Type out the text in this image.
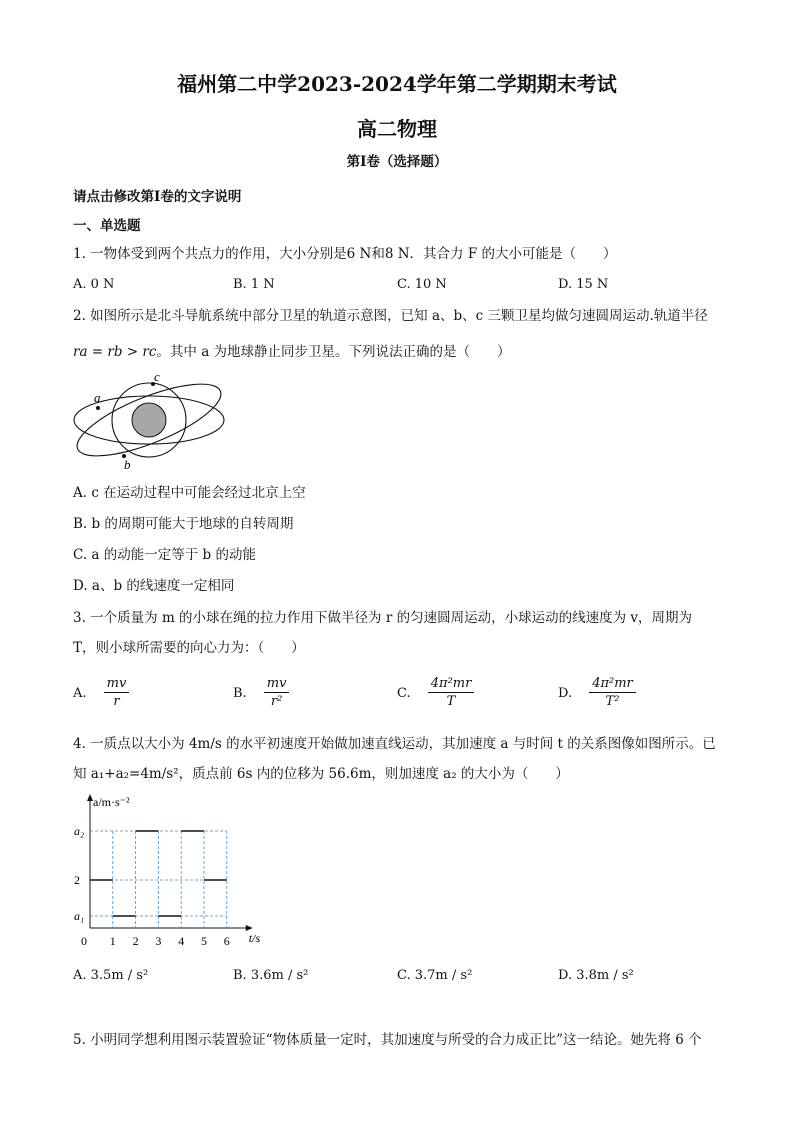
福州第二中学2023-2024学年第二学期期末考试
高二物理
第I卷（选择题）
请点击修改第I卷的文字说明
一、单选题
1. 一物体受到两个共点力的作用，大小分别是6 N和8 N．其合力 F 的大小可能是（　　）
A. 0 N	B. 1 N	C. 10 N	D. 15 N
2. 如图所示是北斗导航系统中部分卫星的轨道示意图，已知 a、b、c 三颗卫星均做匀速圆周运动.轨道半径
ra = rb > rc。其中 a 为地球静止同步卫星。下列说法正确的是（　　）
a
c
b
A. c 在运动过程中可能会经过北京上空
B. b 的周期可能大于地球的自转周期
C. a 的动能一定等于 b 的动能
D. a、b 的线速度一定相同
3. 一个质量为 m 的小球在绳的拉力作用下做半径为 r 的匀速圆周运动，小球运动的线速度为 v，周期为
T，则小球所需要的向心力为：（　　）
A. $\frac{mv}{r}$	B. $\frac{mv}{\text{r²}}$	C. $\frac{\text{4π²mr}}{T}$	D. $\frac{\text{4π²mr}}{\text{T²}}$
4. 一质点以大小为 4m/s 的水平初速度开始做加速直线运动，其加速度 a 与时间 t 的关系图像如图所示。已
知 a₁+a₂=4m/s²，质点前 6s 内的位移为 56.6m，则加速度 a₂ 的大小为（　　）
a/m·s⁻²
t/s
a₁
2
a₂
0 1 2 3 4 5 6
A. 3.5m / s²	B. 3.6m / s²	C. 3.7m / s²	D. 3.8m / s²
5. 小明同学想利用图示装置验证“物体质量一定时，其加速度与所受的合力成正比”这一结论。她先将 6 个
